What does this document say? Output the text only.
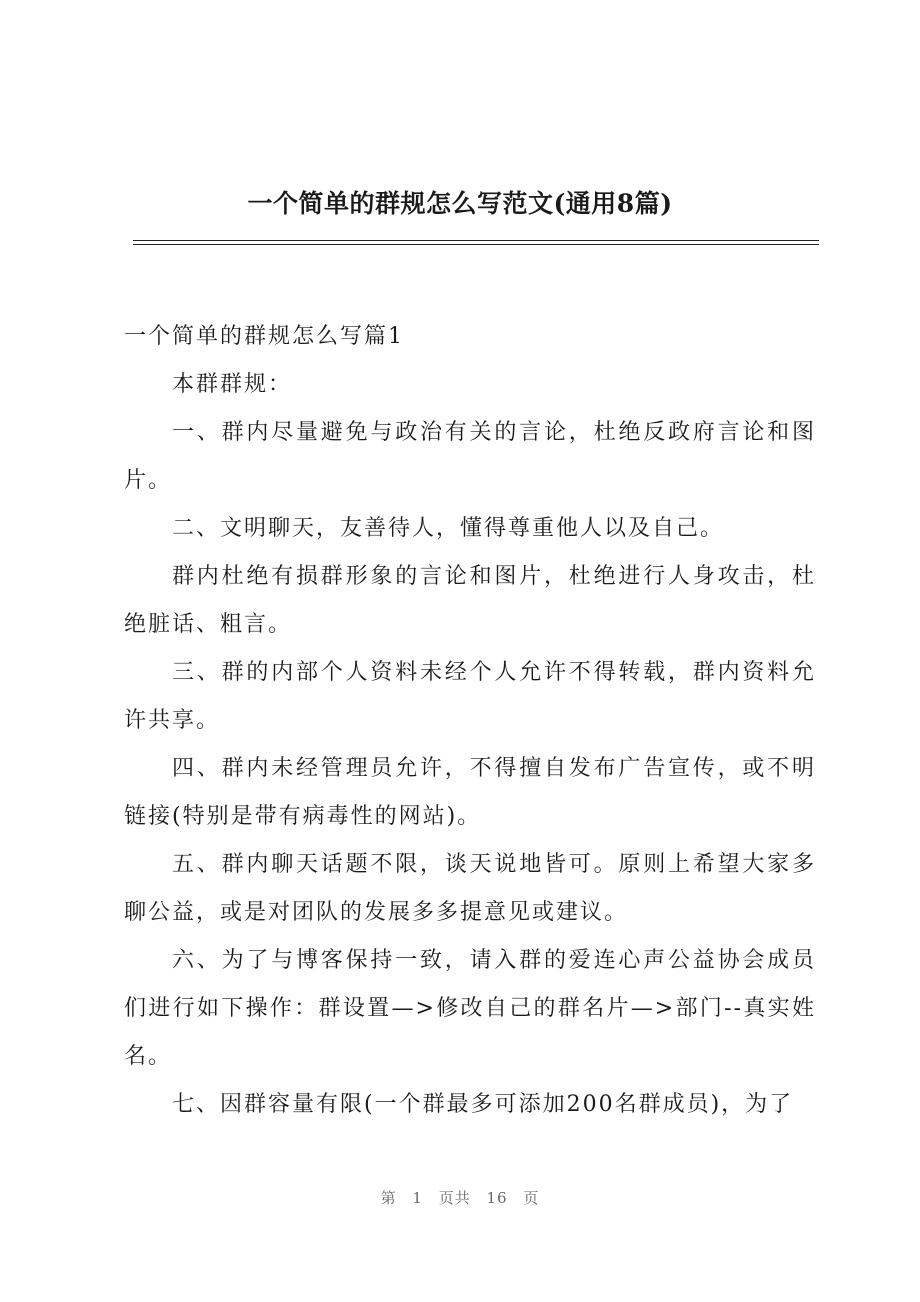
一个简单的群规怎么写范文(通用8篇)

一个简单的群规怎么写篇1

本群群规：

一、群内尽量避免与政治有关的言论，杜绝反政府言论和图片。

二、文明聊天，友善待人，懂得尊重他人以及自己。

群内杜绝有损群形象的言论和图片，杜绝进行人身攻击，杜绝脏话、粗言。

三、群的内部个人资料未经个人允许不得转载，群内资料允许共享。

四、群内未经管理员允许，不得擅自发布广告宣传，或不明链接(特别是带有病毒性的网站)。

五、群内聊天话题不限，谈天说地皆可。原则上希望大家多聊公益，或是对团队的发展多多提意见或建议。

六、为了与博客保持一致，请入群的爱连心声公益协会成员们进行如下操作：群设置—>修改自己的群名片—>部门--真实姓名。

七、因群容量有限(一个群最多可添加200名群成员)，为了

第 1 页共 16 页
